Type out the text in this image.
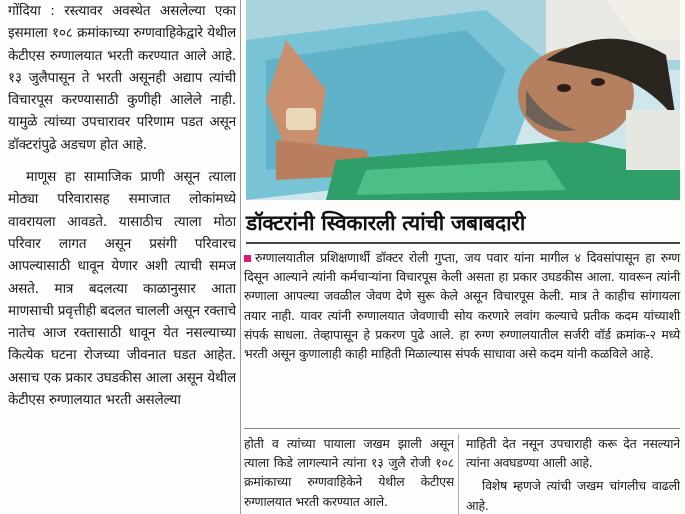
गोंदिया : रस्त्यावर अवस्थेत असलेल्या एका इसमाला १०८ क्रमांकाच्या रुग्णवाहिकेद्वारे येथील केटीएस रुग्णालयात भरती करण्यात आले आहे. १३ जुलैपासून ते भरती असूनही अद्याप त्यांची विचारपूस करण्यासाठी कुणीही आलेले नाही. यामुळे त्यांच्या उपचारावर परिणाम पडत असून डॉक्टरांपुढे अडचण होत आहे.

माणूस हा सामाजिक प्राणी असून त्याला मोठ्या परिवारासह समाजात लोकांमध्ये वावरायला आवडते. यासाठीच त्याला मोठा परिवार लागत असून प्रसंगी परिवारच आपल्यासाठी धावून येणार अशी त्याची समज असते. मात्र बदलत्या काळानुसार आता माणसाची प्रवृत्तीही बदलत चालली असून रक्ताचे नातेच आज रक्तासाठी धावून येत नसल्याच्या कित्येक घटना रोजच्या जीवनात घडत आहेत. असाच एक प्रकार उघडकीस आला असून येथील केटीएस रुग्णालयात भरती असलेल्या

डॉक्टरांनी स्विकारली त्यांची जबाबदारी

रुग्णालयातील प्रशिक्षणार्थी डॉक्टर रोली गुप्ता, जय पवार यांना मागील ४ दिवसांपासून हा रुग्ण दिसून आल्याने त्यांनी कर्मचाऱ्यांना विचारपूस केली असता हा प्रकार उघडकीस आला. यावरून त्यांनी रुग्णाला आपल्या जवळील जेवण देणे सुरू केले असून विचारपूस केली. मात्र ते काहीच सांगायला तयार नाही. यावर त्यांनी रुग्णालयात जेवणाची सोय करणारे लवांग कल्याचे प्रतीक कदम यांच्याशी संपर्क साधला. तेव्हापासून हे प्रकरण पुढे आले. हा रुग्ण रुग्णालयातील सर्जरी वॉर्ड क्रमांक-२ मध्ये भरती असून कुणालाही काही माहिती मिळाल्यास संपर्क साधावा असे कदम यांनी कळविले आहे.

होती व त्यांच्या पायाला जखम झाली असून त्याला किडे लागल्याने त्यांना १३ जुलै रोजी १०८ क्रमांकाच्या रुग्णवाहिकेने येथील केटीएस रुग्णालयात भरती करण्यात आले.

माहिती देत नसून उपचाराही करू देत नसल्याने त्यांना अवघडण्या आली आहे.

विशेष म्हणजे त्यांची जखम चांगलीच वाढली आहे.
